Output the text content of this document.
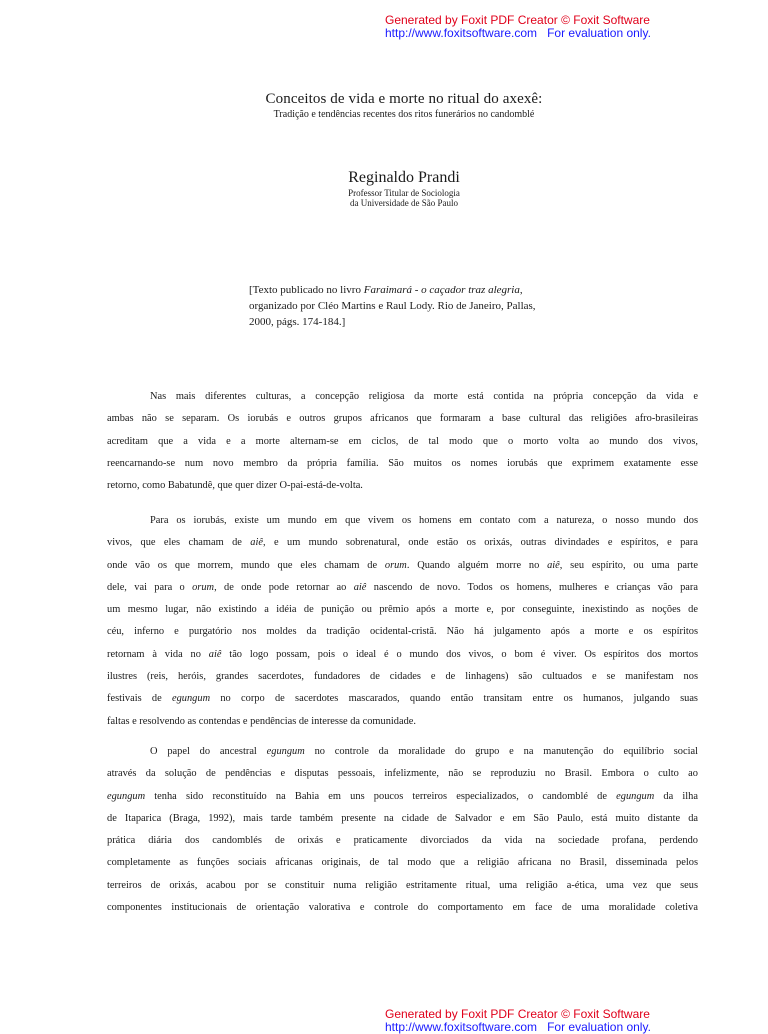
Generated by Foxit PDF Creator © Foxit Software
http://www.foxitsoftware.com For evaluation only.
Conceitos de vida e morte no ritual do axexê:
Tradição e tendências recentes dos ritos funerários no candomblé
Reginaldo Prandi
Professor Titular de Sociologia
da Universidade de São Paulo
[Texto publicado no livro Faraimará - o caçador traz alegria, organizado por Cléo Martins e Raul Lody. Rio de Janeiro, Pallas, 2000, págs. 174-184.]
Nas mais diferentes culturas, a concepção religiosa da morte está contida na própria concepção da vida e
ambas não se separam. Os iorubás e outros grupos africanos que formaram a base cultural das religiões afro-brasileiras
acreditam que a vida e a morte alternam-se em ciclos, de tal modo que o morto volta ao mundo dos vivos,
reencarnando-se num novo membro da própria família. São muitos os nomes iorubás que exprimem exatamente esse
retorno, como Babatundê, que quer dizer O-pai-está-de-volta.
Para os iorubás, existe um mundo em que vivem os homens em contato com a natureza, o nosso mundo dos
vivos, que eles chamam de aiê, e um mundo sobrenatural, onde estão os orixás, outras divindades e espíritos, e para
onde vão os que morrem, mundo que eles chamam de orum. Quando alguém morre no aiê, seu espírito, ou uma parte
dele, vai para o orum, de onde pode retornar ao aiê nascendo de novo. Todos os homens, mulheres e crianças vão para
um mesmo lugar, não existindo a idéia de punição ou prêmio após a morte e, por conseguinte, inexistindo as noções de
céu, inferno e purgatório nos moldes da tradição ocidental-cristã. Não há julgamento após a morte e os espíritos
retornam à vida no aiê tão logo possam, pois o ideal é o mundo dos vivos, o bom é viver. Os espíritos dos mortos
ilustres (reis, heróis, grandes sacerdotes, fundadores de cidades e de linhagens) são cultuados e se manifestam nos
festivais de egungum no corpo de sacerdotes mascarados, quando então transitam entre os humanos, julgando suas
faltas e resolvendo as contendas e pendências de interesse da comunidade.
O papel do ancestral egungum no controle da moralidade do grupo e na manutenção do equilíbrio social
através da solução de pendências e disputas pessoais, infelizmente, não se reproduziu no Brasil. Embora o culto ao
egungum tenha sido reconstituído na Bahia em uns poucos terreiros especializados, o candomblé de egungum da ilha
de Itaparica (Braga, 1992), mais tarde também presente na cidade de Salvador e em São Paulo, está muito distante da
prática diária dos candomblés de orixás e praticamente divorciados da vida na sociedade profana, perdendo
completamente as funções sociais africanas originais, de tal modo que a religião africana no Brasil, disseminada pelos
terreiros de orixás, acabou por se constituir numa religião estritamente ritual, uma religião a-ética, uma vez que seus
componentes institucionais de orientação valorativa e controle do comportamento em face de uma moralidade coletiva
Generated by Foxit PDF Creator © Foxit Software
http://www.foxitsoftware.com For evaluation only.
